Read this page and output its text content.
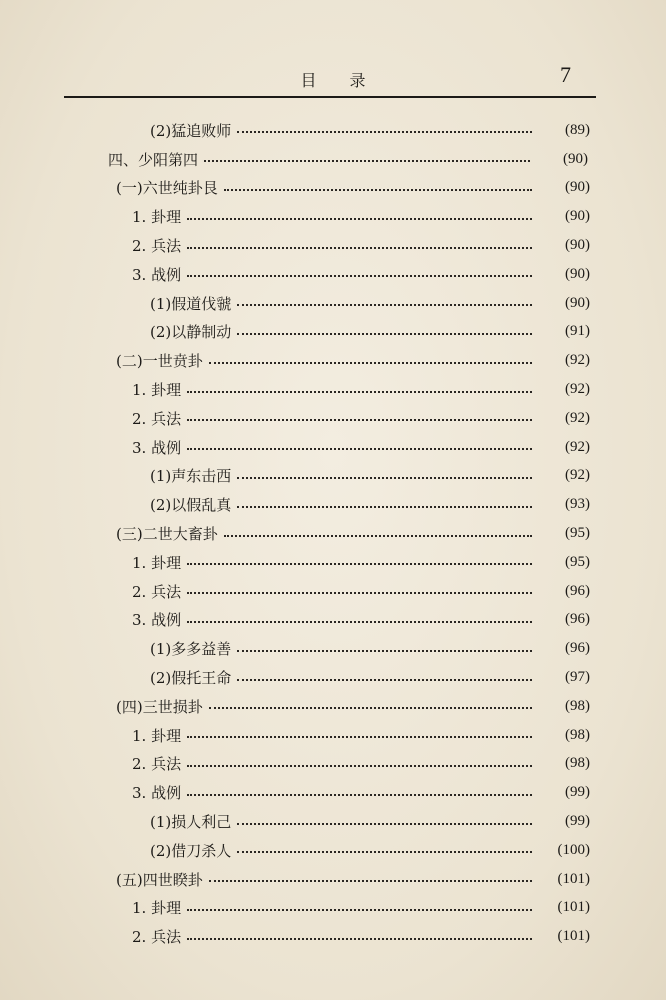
目 录	7
(2)猛追败师	(89)
四、少阳第四	(90)
(一)六世纯卦艮	(90)
1. 卦理	(90)
2. 兵法	(90)
3. 战例	(90)
(1)假道伐虢	(90)
(2)以静制动	(91)
(二)一世贲卦	(92)
1. 卦理	(92)
2. 兵法	(92)
3. 战例	(92)
(1)声东击西	(92)
(2)以假乱真	(93)
(三)二世大畜卦	(95)
1. 卦理	(95)
2. 兵法	(96)
3. 战例	(96)
(1)多多益善	(96)
(2)假托王命	(97)
(四)三世损卦	(98)
1. 卦理	(98)
2. 兵法	(98)
3. 战例	(99)
(1)损人利己	(99)
(2)借刀杀人	(100)
(五)四世睽卦	(101)
1. 卦理	(101)
2. 兵法	(101)
